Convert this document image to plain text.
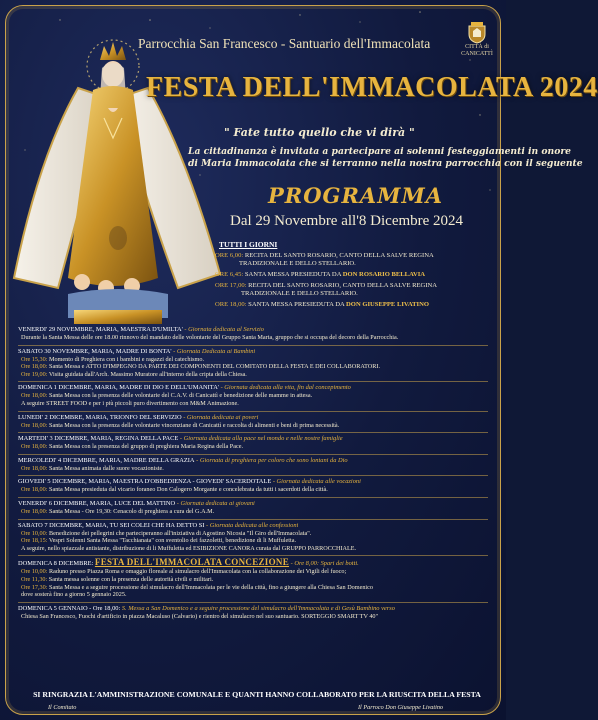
Parrocchia San Francesco - Santuario dell'Immacolata	CITTÀ di CANICATTÌ
FESTA DELL'IMMACOLATA 2024
" Fate tutto quello che vi dirà "
La cittadinanza è invitata a partecipare ai solenni festeggiamenti in onore
di Maria Immacolata che si terranno nella nostra parrocchia con il seguente
PROGRAMMA
Dal 29 Novembre all'8 Dicembre 2024
TUTTI I GIORNI
ORE 6,00: RECITA DEL SANTO ROSARIO, CANTO DELLA SALVE REGINA
TRADIZIONALE E DELLO STELLARIO.
ORE 6,45: SANTA MESSA PRESIEDUTA DA DON ROSARIO BELLAVIA
ORE 17,00: RECITA DEL SANTO ROSARIO, CANTO DELLA SALVE REGINA
TRADIZIONALE E DELLO STELLARIO.
ORE 18,00: SANTA MESSA PRESIEDUTA DA DON GIUSEPPE LIVATINO
VENERDI' 29 NOVEMBRE, MARIA, MAESTRA D'UMILTA' - Giornata dedicata al Servizio
Durante la Santa Messa delle ore 18.00 rinnovo del mandato delle volontarie del Gruppo Santa Marta, gruppo che si occupa del decoro della Parrocchia.
SABATO 30 NOVEMBRE, MARIA, MADRE DI BONTA' - Giornata Dedicata ai Bambini
Ore 15,30: Momento di Preghiera con i bambini e ragazzi del catechismo.
Ore 18,00: Santa Messa e ATTO D'IMPEGNO DA PARTE DEI COMPONENTI DEL COMITATO DELLA FESTA E DEI COLLABORATORI.
Ore 19,00: Visita guidata dall'Arch. Massimo Muratore all'interno della cripta della Chiesa.
DOMENICA 1 DICEMBRE, MARIA, MADRE DI DIO E DELL'UMANITA' - Giornata dedicata alla vita, fin dal concepimento
Ore 18,00: Santa Messa con la presenza delle volontarie del C.A.V. di Canicattì e benedizione delle mamme in attesa.
A seguire STREET FOOD e per i più piccoli puro divertimento con M&M Animazione.
LUNEDI' 2 DICEMBRE, MARIA, TRIONFO DEL SERVIZIO - Giornata dedicata ai poveri
Ore 18,00: Santa Messa con la presenza delle volontarie vincenziane di Canicattì e raccolta di alimenti e beni di prima necessità.
MARTEDI' 3 DICEMBRE, MARIA, REGINA DELLA PACE - Giornata dedicata alla pace nel mondo e nelle nostre famiglie
Ore 18,00: Santa Messa con la presenza del gruppo di preghiera Maria Regina della Pace.
MERCOLEDI' 4 DICEMBRE, MARIA, MADRE DELLA GRAZIA - Giornata di preghiera per coloro che sono lontani da Dio
Ore 18,00: Santa Messa animata dalle suore vocazioniste.
GIOVEDI' 5 DICEMBRE, MARIA, MAESTRA D'OBBEDIENZA - GIOVEDI' SACERDOTALE - Giornata dedicata alle vocazioni
Ore 18,00: Santa Messa presieduta dal vicario foraneo Don Calogero Morgante e concelebrata da tutti i sacerdoti della città.
VENERDI' 6 DICEMBRE, MARIA, LUCE DEL MATTINO - Giornata dedicata ai giovani
Ore 18,00: Santa Messa - Ore 19,30: Cenacolo di preghiera a cura del G.A.M.
SABATO 7 DICEMBRE, MARIA, TU SEI COLEI CHE HA DETTO SI - Giornata dedicata alle confessioni
Ore 10,00: Benedizione dei pellegrini che parteciperanno all'iniziativa di Agostino Nicosia "Il Giro dell'Immacolata".
Ore 18,15: Vespri Solenni Santa Messa "Tacchianata" con sventolio dei fazzoletti, benedizione di li Muffuletta.
A seguire, nello spiazzale antistante, distribuzione di li Muffuletta ed ESIBIZIONE CANORA curata dal GRUPPO PARROCCHIALE.
DOMENICA 8 DICEMBRE: FESTA DELL'IMMACOLATA CONCEZIONE - Ore 8,00: Spari dei botti.
Ore 10,00: Raduno presso Piazza Roma e omaggio floreale al simulacro dell'Immacolata con la collaborazione dei Vigili del fuoco;
Ore 11,30: Santa messa solenne con la presenza delle autorità civili e militari.
Ore 17,30: Santa Messa e a seguire processione del simulacro dell'Immacolata per le vie della città, fino a giungere alla Chiesa San Domenico
dove sosterà fino a giorno 5 gennaio 2025.
DOMENICA 5 GENNAIO - Ore 18,00: S. Messa a San Domenico e a seguire processione del simulacro dell'Immacolata e di Gesù Bambino verso
Chiesa San Francesco, Fuochi d'artificio in piazza Macaluso (Calvario) e rientro del simulacro nel suo santuario. SORTEGGIO SMART TV 40"
SI RINGRAZIA L'AMMINISTRAZIONE COMUNALE E QUANTI HANNO COLLABORATO PER LA RIUSCITA DELLA FESTA
Il Comitato	Il Parroco Don Giuseppe Livatino
